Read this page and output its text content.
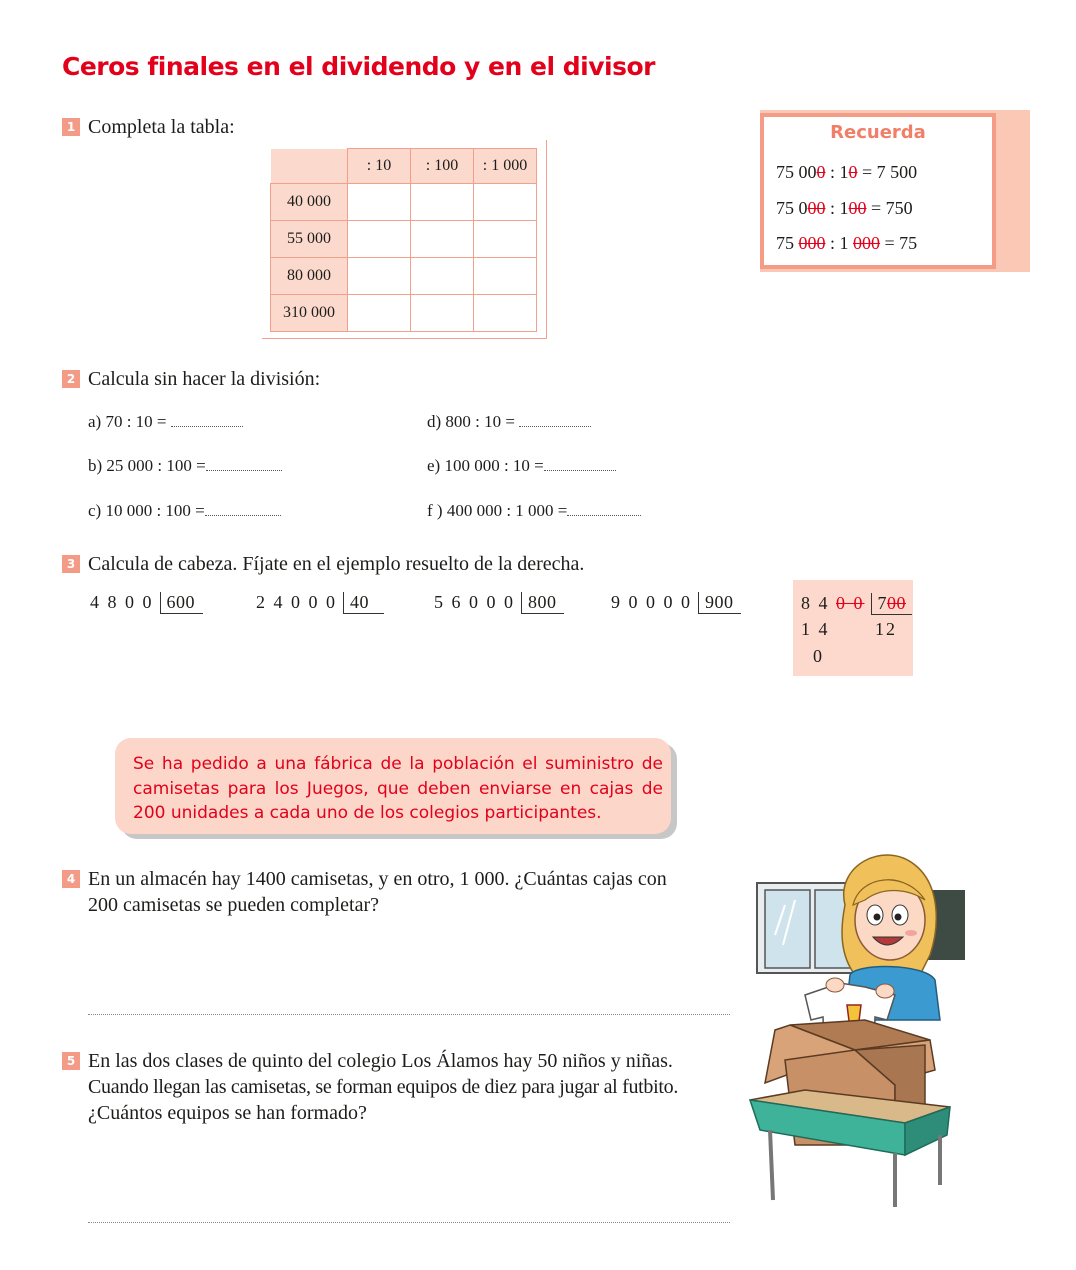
Ceros finales en el dividendo y en el divisor
1 Completa la tabla:
	: 10	: 100	: 1 000
40 000			
55 000			
80 000			
310 000			
Recuerda
75 000 : 10 = 7 500
75 000 : 100 = 750
75 000 : 1 000 = 75
2 Calcula sin hacer la división:
a) 70 : 10 =	d) 800 : 10 =
b) 25 000 : 100 =	e) 100 000 : 10 =
c) 10 000 : 100 =	f ) 400 000 : 1 000 =
3 Calcula de cabeza. Fíjate en el ejemplo resuelto de la derecha.
4 8 0 0 600	2 4 0 0 0 40	5 6 0 0 0 800	9 0 0 0 0 900	8 4 0 0 700
1 4	12
0
Se ha pedido a una fábrica de la población el suministro de camisetas para los Juegos, que deben enviarse en cajas de 200 unidades a cada uno de los colegios participantes.
4 En un almacén hay 1400 camisetas, y en otro, 1 000. ¿Cuántas cajas con
200 camisetas se pueden completar?
5 En las dos clases de quinto del colegio Los Álamos hay 50 niños y niñas.
Cuando llegan las camisetas, se forman equipos de diez para jugar al futbito.
¿Cuántos equipos se han formado?
